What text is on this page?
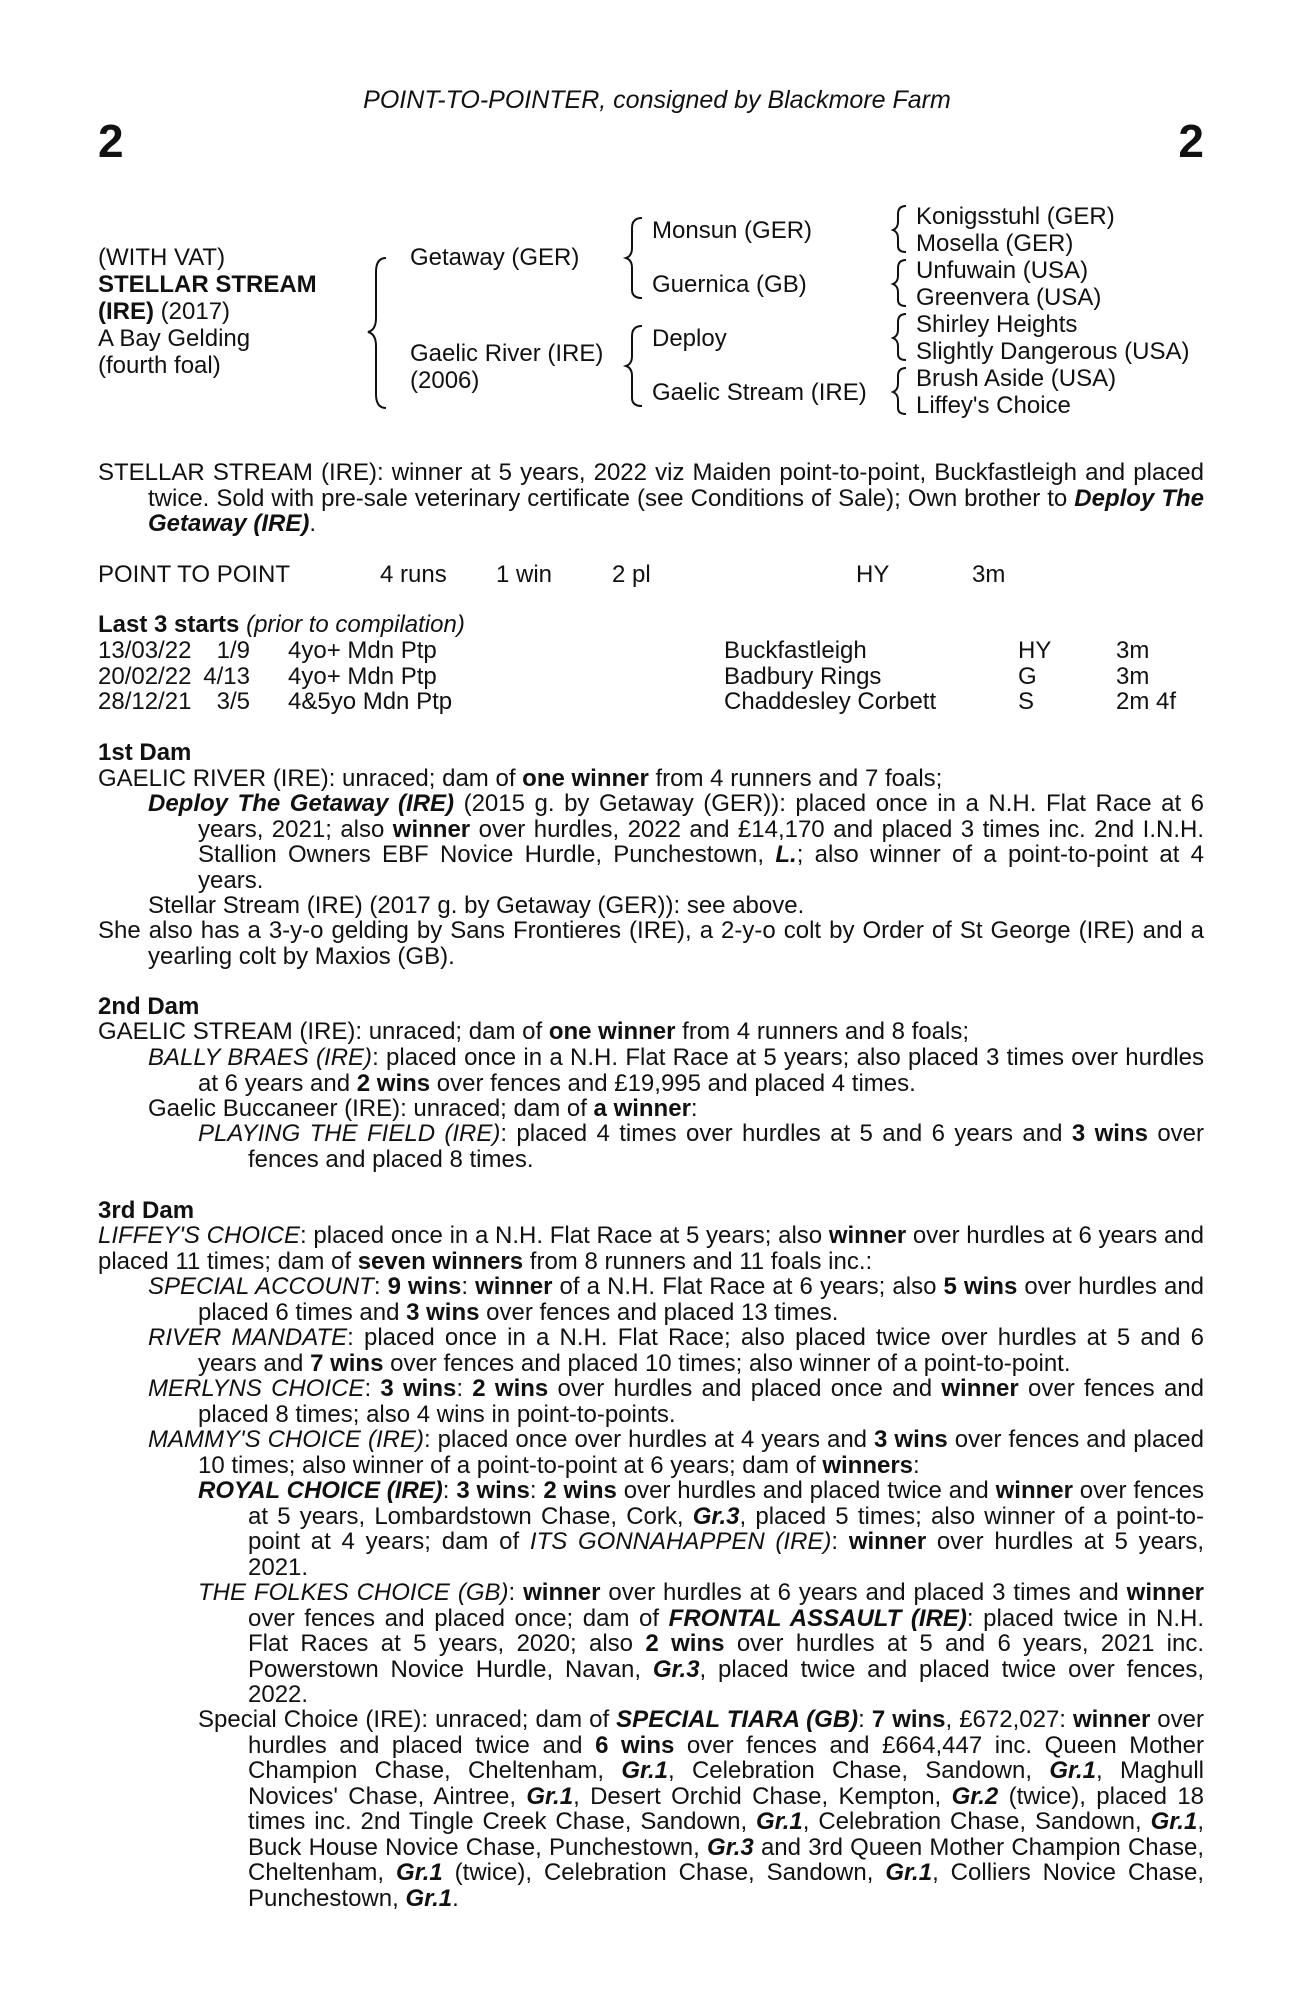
2	2
POINT-TO-POINTER, consigned by Blackmore Farm
(WITH VAT)
STELLAR STREAM
(IRE) (2017)
A Bay Gelding
(fourth foal)
Getaway (GER)
Gaelic River (IRE)
(2006)
Monsun (GER)
Guernica (GB)
Deploy
Gaelic Stream (IRE)
Konigsstuhl (GER)
Mosella (GER)
Unfuwain (USA)
Greenvera (USA)
Shirley Heights
Slightly Dangerous (USA)
Brush Aside (USA)
Liffey's Choice
STELLAR STREAM (IRE): winner at 5 years, 2022 viz Maiden point-to-point, Buckfastleigh and placed twice. Sold with pre-sale veterinary certificate (see Conditions of Sale); Own brother to Deploy The Getaway (IRE).
POINT TO POINT	4 runs 1 win 2 pl	HY	3m
Last 3 starts (prior to compilation)
13/03/22 1/9 4yo+ Mdn Ptp	Buckfastleigh	HY	3m
20/02/22 4/13 4yo+ Mdn Ptp	Badbury Rings	G	3m
28/12/21 3/5 4&5yo Mdn Ptp	Chaddesley Corbett	S	2m 4f
1st Dam
GAELIC RIVER (IRE): unraced; dam of one winner from 4 runners and 7 foals;
Deploy The Getaway (IRE) (2015 g. by Getaway (GER)): placed once in a N.H. Flat Race at 6 years, 2021; also winner over hurdles, 2022 and £14,170 and placed 3 times inc. 2nd I.N.H. Stallion Owners EBF Novice Hurdle, Punchestown, L.; also winner of a point-to-point at 4 years.
Stellar Stream (IRE) (2017 g. by Getaway (GER)): see above.
She also has a 3-y-o gelding by Sans Frontieres (IRE), a 2-y-o colt by Order of St George (IRE) and a yearling colt by Maxios (GB).
2nd Dam
GAELIC STREAM (IRE): unraced; dam of one winner from 4 runners and 8 foals;
BALLY BRAES (IRE): placed once in a N.H. Flat Race at 5 years; also placed 3 times over hurdles at 6 years and 2 wins over fences and £19,995 and placed 4 times.
Gaelic Buccaneer (IRE): unraced; dam of a winner:
PLAYING THE FIELD (IRE): placed 4 times over hurdles at 5 and 6 years and 3 wins over fences and placed 8 times.
3rd Dam
LIFFEY'S CHOICE: placed once in a N.H. Flat Race at 5 years; also winner over hurdles at 6 years and placed 11 times; dam of seven winners from 8 runners and 11 foals inc.:
SPECIAL ACCOUNT: 9 wins: winner of a N.H. Flat Race at 6 years; also 5 wins over hurdles and placed 6 times and 3 wins over fences and placed 13 times.
RIVER MANDATE: placed once in a N.H. Flat Race; also placed twice over hurdles at 5 and 6 years and 7 wins over fences and placed 10 times; also winner of a point-to-point.
MERLYNS CHOICE: 3 wins: 2 wins over hurdles and placed once and winner over fences and placed 8 times; also 4 wins in point-to-points.
MAMMY'S CHOICE (IRE): placed once over hurdles at 4 years and 3 wins over fences and placed 10 times; also winner of a point-to-point at 6 years; dam of winners:
ROYAL CHOICE (IRE): 3 wins: 2 wins over hurdles and placed twice and winner over fences at 5 years, Lombardstown Chase, Cork, Gr.3, placed 5 times; also winner of a point-to-point at 4 years; dam of ITS GONNAHAPPEN (IRE): winner over hurdles at 5 years, 2021.
THE FOLKES CHOICE (GB): winner over hurdles at 6 years and placed 3 times and winner over fences and placed once; dam of FRONTAL ASSAULT (IRE): placed twice in N.H. Flat Races at 5 years, 2020; also 2 wins over hurdles at 5 and 6 years, 2021 inc. Powerstown Novice Hurdle, Navan, Gr.3, placed twice and placed twice over fences, 2022.
Special Choice (IRE): unraced; dam of SPECIAL TIARA (GB): 7 wins, £672,027: winner over hurdles and placed twice and 6 wins over fences and £664,447 inc. Queen Mother Champion Chase, Cheltenham, Gr.1, Celebration Chase, Sandown, Gr.1, Maghull Novices' Chase, Aintree, Gr.1, Desert Orchid Chase, Kempton, Gr.2 (twice), placed 18 times inc. 2nd Tingle Creek Chase, Sandown, Gr.1, Celebration Chase, Sandown, Gr.1, Buck House Novice Chase, Punchestown, Gr.3 and 3rd Queen Mother Champion Chase, Cheltenham, Gr.1 (twice), Celebration Chase, Sandown, Gr.1, Colliers Novice Chase, Punchestown, Gr.1.
